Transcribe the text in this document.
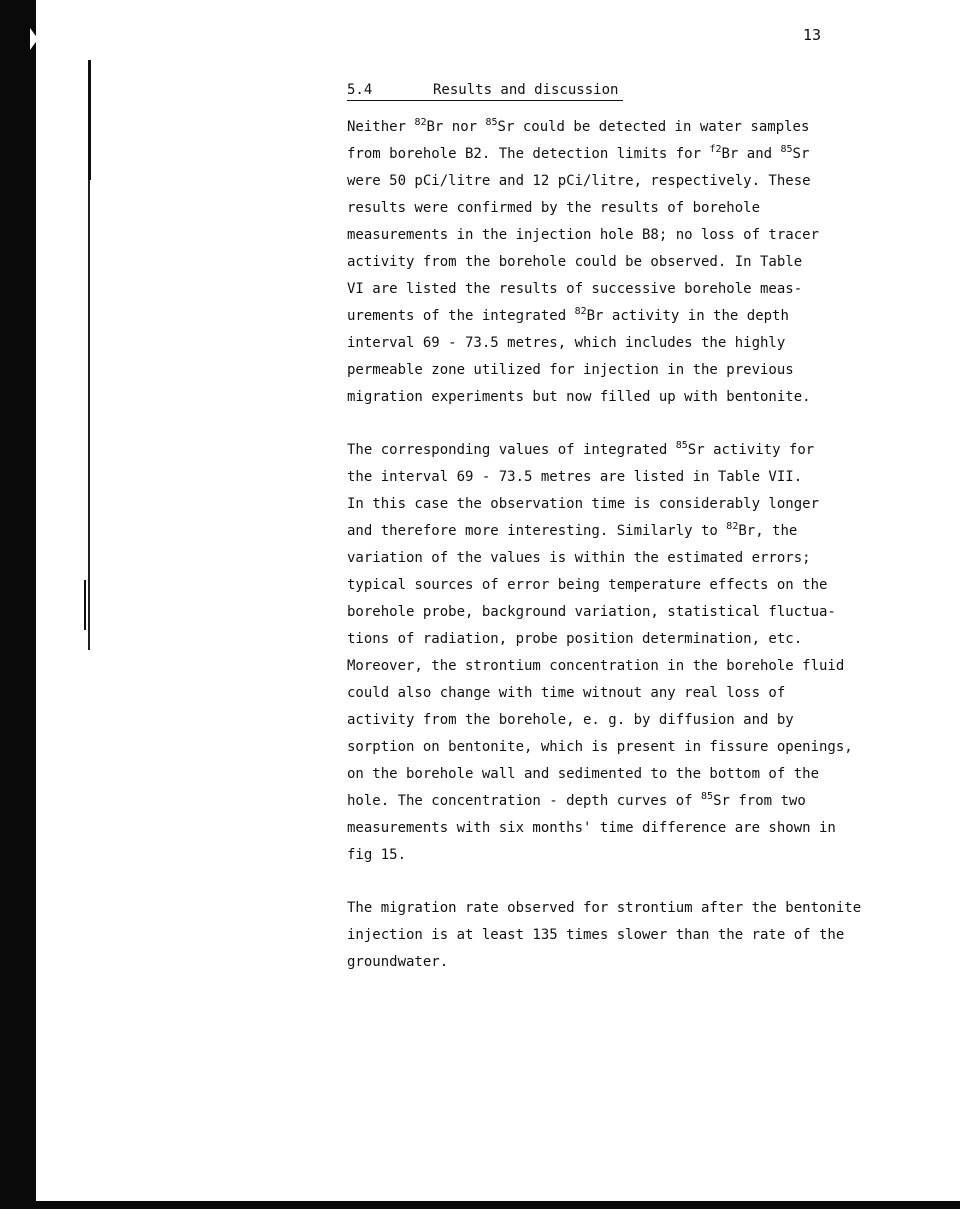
13
5.4	Results and discussion
Neither $^{82}$Br nor $^{85}$Sr could be detected in water samples
from borehole B2. The detection limits for $^{f2}$Br and $^{85}$Sr
were 50 pCi/litre and 12 pCi/litre, respectively. These
results were confirmed by the results of borehole
measurements in the injection hole B8; no loss of tracer
activity from the borehole could be observed. In Table
VI are listed the results of successive borehole meas-
urements of the integrated $^{82}$Br activity in the depth
interval 69 - 73.5 metres, which includes the highly
permeable zone utilized for injection in the previous
migration experiments but now filled up with bentonite.
The corresponding values of integrated $^{85}$Sr activity for
the interval 69 - 73.5 metres are listed in Table VII.
In this case the observation time is considerably longer
and therefore more interesting. Similarly to $^{82}$Br, the
variation of the values is within the estimated errors;
typical sources of error being temperature effects on the
borehole probe, background variation, statistical fluctua-
tions of radiation, probe position determination, etc.
Moreover, the strontium concentration in the borehole fluid
could also change with time witnout any real loss of
activity from the borehole, e. g. by diffusion and by
sorption on bentonite, which is present in fissure openings,
on the borehole wall and sedimented to the bottom of the
hole. The concentration - depth curves of $^{85}$Sr from two
measurements with six months' time difference are shown in
fig 15.
The migration rate observed for strontium after the bentonite
injection is at least 135 times slower than the rate of the
groundwater.
